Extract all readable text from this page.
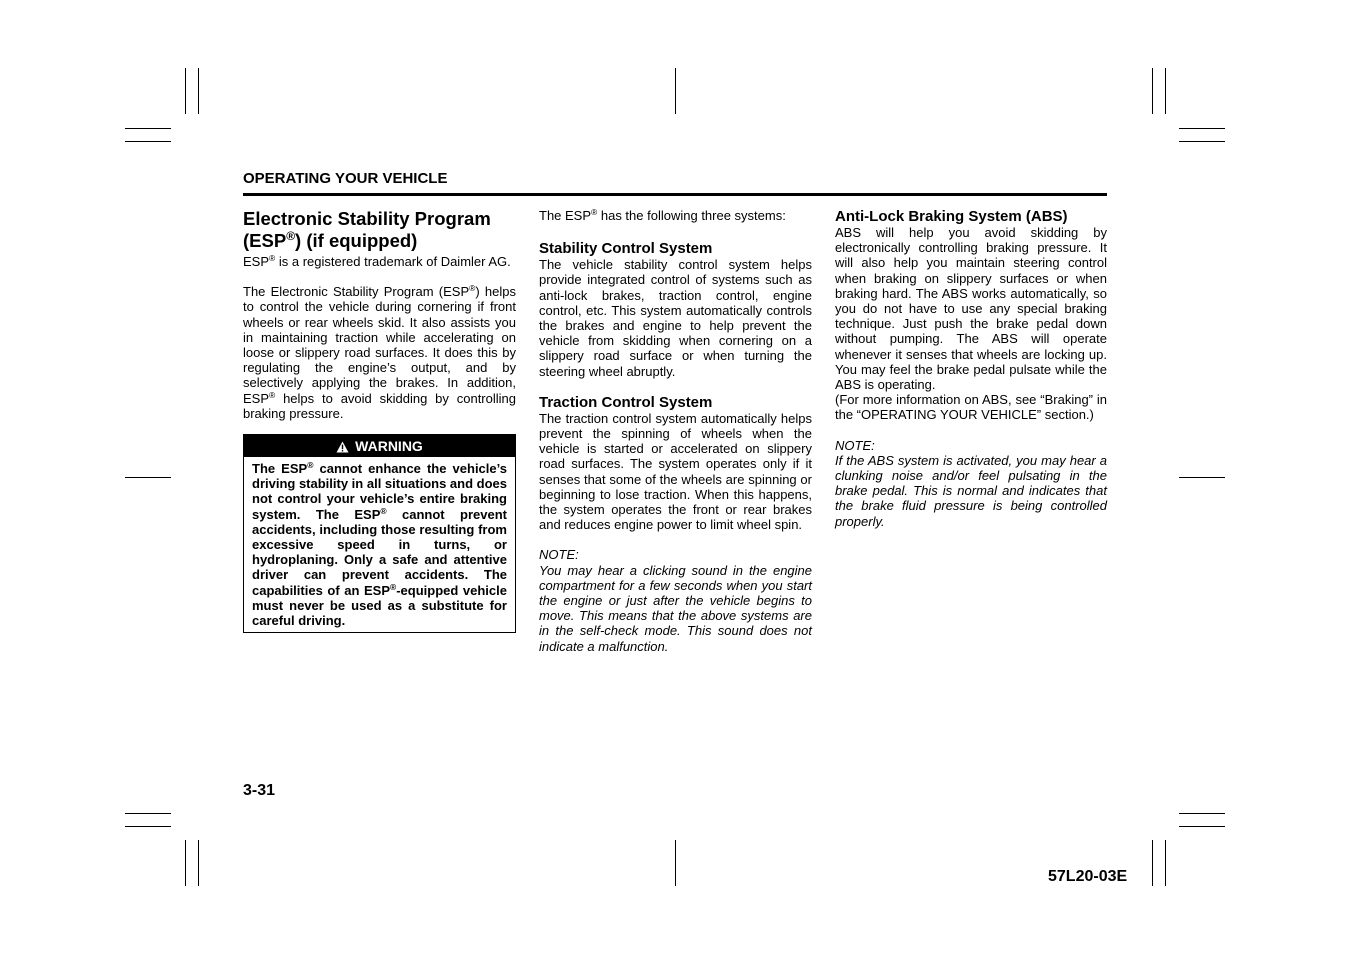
OPERATING YOUR VEHICLE
Electronic Stability Program
(ESP®) (if equipped)

ESP® is a registered trademark of Daimler AG.

The Electronic Stability Program (ESP®) helps to control the vehicle during cornering if front wheels or rear wheels skid. It also assists you in maintaining traction while accelerating on loose or slippery road surfaces. It does this by regulating the engine’s output, and by selectively applying the brakes. In addition, ESP® helps to avoid skidding by controlling braking pressure.

WARNING

The ESP® cannot enhance the vehicle’s driving stability in all situations and does not control your vehicle’s entire braking system. The ESP® cannot prevent accidents, including those resulting from excessive speed in turns, or hydroplaning. Only a safe and attentive driver can prevent accidents. The capabilities of an ESP®-equipped vehicle must never be used as a substitute for careful driving.

The ESP® has the following three systems:

Stability Control System

The vehicle stability control system helps provide integrated control of systems such as anti-lock brakes, traction control, engine control, etc. This system automatically controls the brakes and engine to help prevent the vehicle from skidding when cornering on a slippery road surface or when turning the steering wheel abruptly.

Traction Control System

The traction control system automatically helps prevent the spinning of wheels when the vehicle is started or accelerated on slippery road surfaces. The system operates only if it senses that some of the wheels are spinning or beginning to lose traction. When this happens, the system operates the front or rear brakes and reduces engine power to limit wheel spin.

NOTE:

You may hear a clicking sound in the engine compartment for a few seconds when you start the engine or just after the vehicle begins to move. This means that the above systems are in the self-check mode. This sound does not indicate a malfunction.

Anti-Lock Braking System (ABS)

ABS will help you avoid skidding by electronically controlling braking pressure. It will also help you maintain steering control when braking on slippery surfaces or when braking hard. The ABS works automatically, so you do not have to use any special braking technique. Just push the brake pedal down without pumping. The ABS will operate whenever it senses that wheels are locking up. You may feel the brake pedal pulsate while the ABS is operating.

(For more information on ABS, see “Braking” in the “OPERATING YOUR VEHICLE” section.)

NOTE:

If the ABS system is activated, you may hear a clunking noise and/or feel pulsating in the brake pedal. This is normal and indicates that the brake fluid pressure is being controlled properly.

3-31
57L20-03E
